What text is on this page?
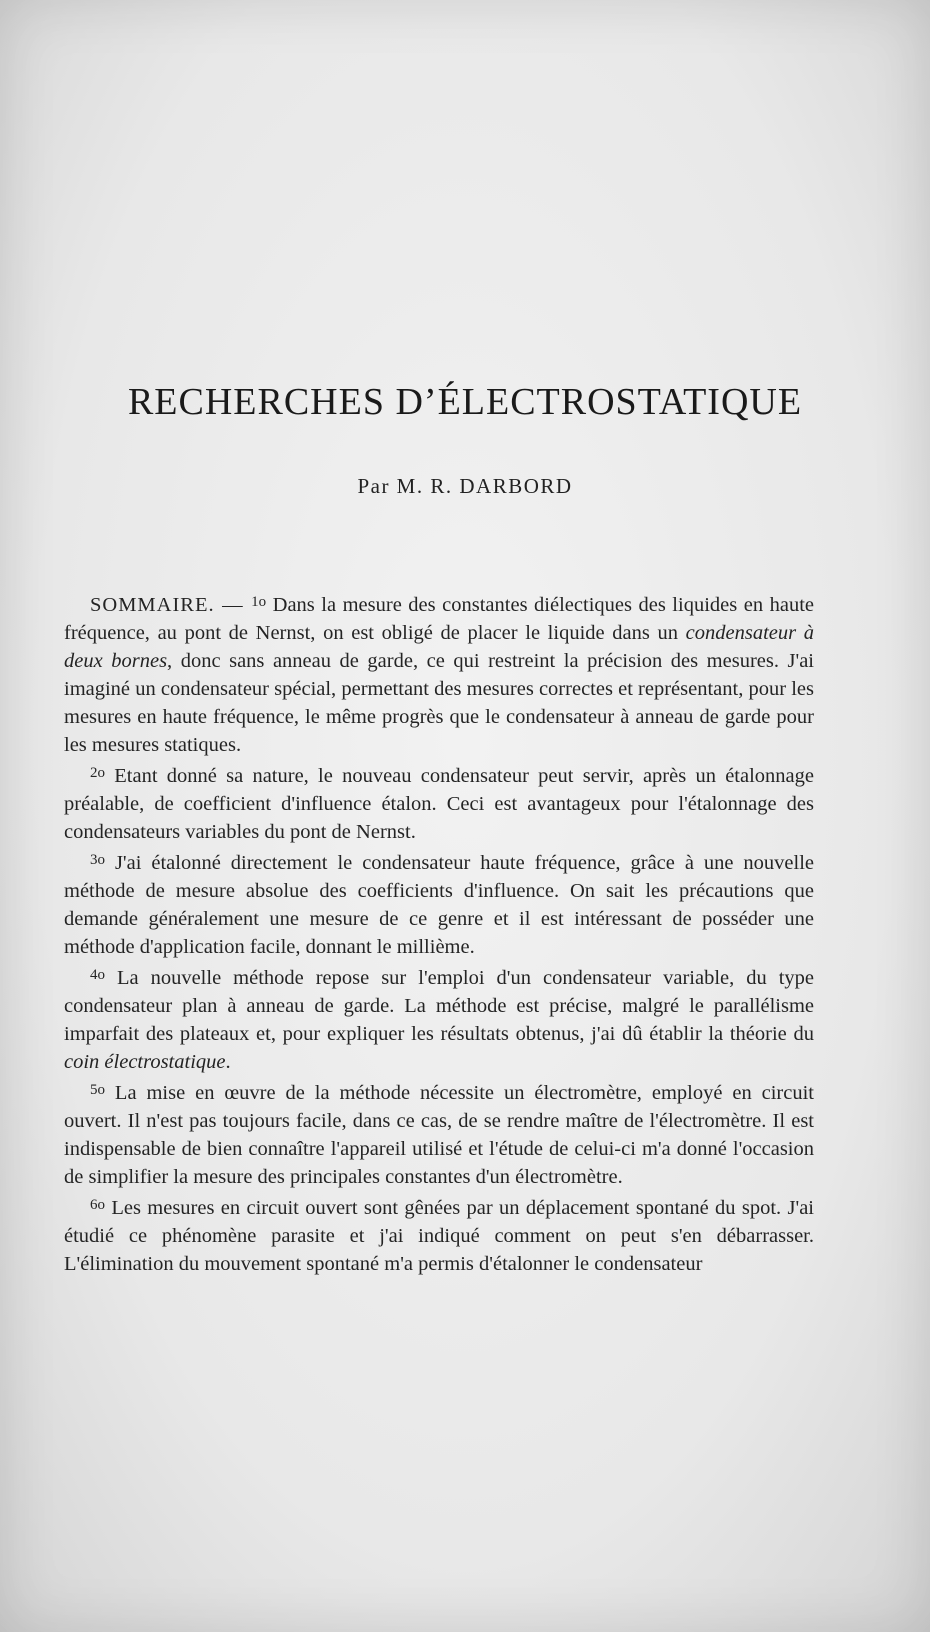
RECHERCHES D’ÉLECTROSTATIQUE
Par M. R. DARBORD

SOMMAIRE. — $^{1o}$ Dans la mesure des constantes diélectiques des liquides en haute fréquence, au pont de Nernst, on est obligé de placer le liquide dans un condensateur à deux bornes, donc sans anneau de garde, ce qui restreint la précision des mesures. J'ai imaginé un condensateur spécial, permettant des mesures correctes et représentant, pour les mesures en haute fréquence, le même progrès que le condensateur à anneau de garde pour les mesures statiques.

$^{2o}$ Etant donné sa nature, le nouveau condensateur peut servir, après un étalonnage préalable, de coefficient d'influence étalon. Ceci est avantageux pour l'étalonnage des condensateurs variables du pont de Nernst.

$^{3o}$ J'ai étalonné directement le condensateur haute fréquence, grâce à une nouvelle méthode de mesure absolue des coefficients d'influence. On sait les précautions que demande généralement une mesure de ce genre et il est intéressant de posséder une méthode d'application facile, donnant le millième.

$^{4o}$ La nouvelle méthode repose sur l'emploi d'un condensateur variable, du type condensateur plan à anneau de garde. La méthode est précise, malgré le parallélisme imparfait des plateaux et, pour expliquer les résultats obtenus, j'ai dû établir la théorie du coin électrostatique.

$^{5o}$ La mise en œuvre de la méthode nécessite un électromètre, employé en circuit ouvert. Il n'est pas toujours facile, dans ce cas, de se rendre maître de l'électromètre. Il est indispensable de bien connaître l'appareil utilisé et l'étude de celui-ci m'a donné l'occasion de simplifier la mesure des principales constantes d'un électromètre.

$^{6o}$ Les mesures en circuit ouvert sont gênées par un déplacement spontané du spot. J'ai étudié ce phénomène parasite et j'ai indiqué comment on peut s'en débarrasser. L'élimination du mouvement spontané m'a permis d'étalonner le condensateur
